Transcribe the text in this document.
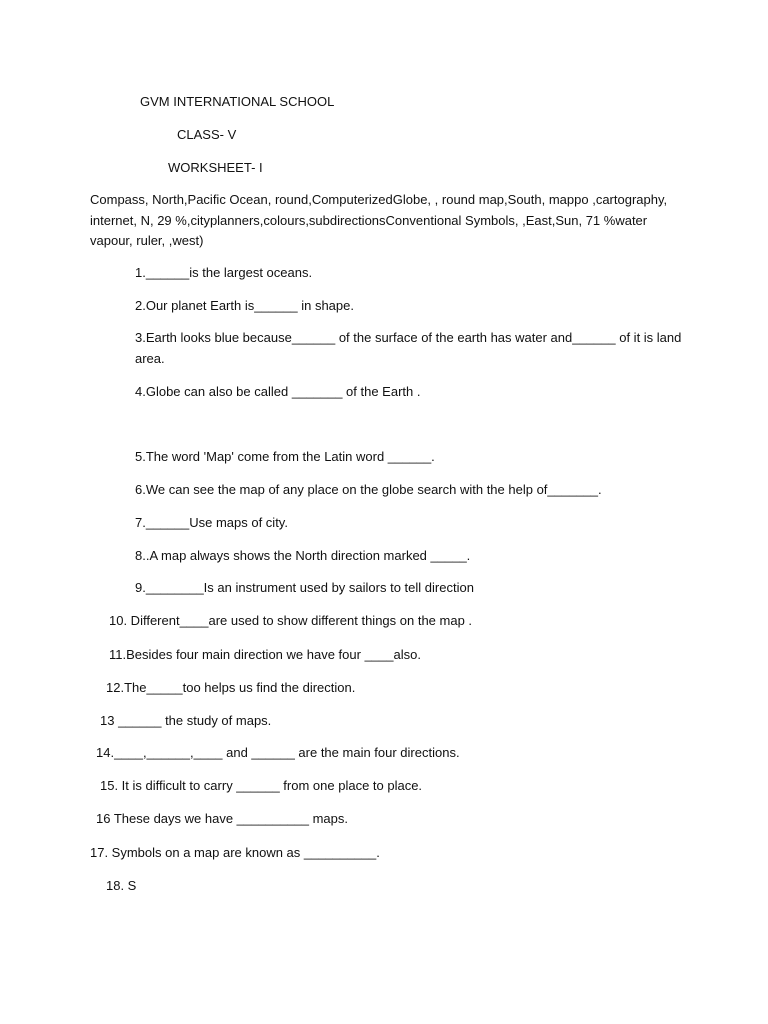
GVM INTERNATIONAL SCHOOL
CLASS- V
WORKSHEET- I
Compass, North,Pacific Ocean, round,ComputerizedGlobe, , round map,South, mappo ,cartography, internet, N, 29 %,cityplanners,colours,subdirectionsConventional Symbols, ,East,Sun, 71 %water vapour, ruler, ,west)
1.______is the largest oceans.
2.Our planet Earth is______ in shape.
3.Earth looks blue because______ of the surface of the earth has water and______ of it is land area.
4.Globe can also be called _______ of the Earth .
5.The word 'Map' come from the Latin word ______.
6.We can see the map of any place on the globe search with the help of_______.
7.______Use maps of city.
8..A map always shows the North direction marked _____.
9.________Is an instrument used by sailors to tell direction
10. Different____are used to show different things on the map .
11.Besides four main direction we have four ____also.
12.The_____too helps us find the direction.
13 ______ the study of maps.
14.____,______,____ and ______ are the main four directions.
15. It is difficult to carry ______ from one place to place.
16 These days we have __________ maps.
17. Symbols on a map are known as __________.
18. S
